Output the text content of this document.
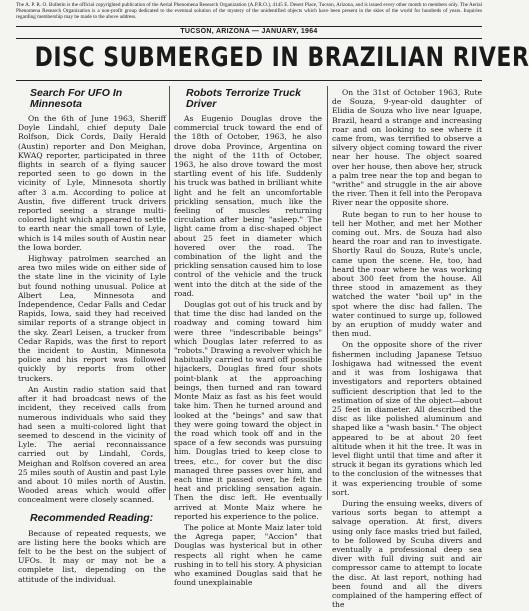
The A. P. R. O. Bulletin is the official copyrighted publication of the Aerial Phenomena Research Organization (A.P.R.O.), 4145 E. Desert Place, Tucson, Arizona, and is issued every other month to members only. The Aerial Phenomena Research Organization is a non-profit group dedicated to the eventual solution of the mystery of the unidentified objects which have been present in the skies of the world for hundreds of years. Inquiries regarding membership may be made to the above address.
TUCSON, ARIZONA — JANUARY, 1964
DISC SUBMERGED IN BRAZILIAN RIVER
Search For UFO In Minnesota

On the 6th of June 1963, Sheriff Doyle Lindahl, chief deputy Dale Rolfson, Dick Cords, Daily Herald (Austin) reporter and Don Meighan, KWAQ reporter, participated in three flights in search of a flying saucer reported seen to go down in the vicinity of Lyle, Minnesota shortly after 3 a.m. According to police at Austin, five different truck drivers reported seeing a strange multi-colored light which appeared to settle to earth near the small town of Lyle, which is 14 miles south of Austin near the Iowa border.

Highway patrolmen searched an area two miles wide on either side of the state line in the vicinity of Lyle but found nothing unusual. Police at Albert Lea, Minnesota and Independence, Cedar Falls and Cedar Rapids, Iowa, said they had received similar reports of a strange object in the sky. Zearl Leisen, a trucker from Cedar Rapids, was the first to report the incident to Austin, Minnesota police and his report was followed quickly by reports from other truckers.

An Austin radio station said that after it had broadcast news of the incident, they received calls from numerous individuals who said they had seen a multi-colored light that seemed to descend in the vicinity of Lyle. The aerial reconnaissance carried out by Lindahl, Cords, Meighan and Rolfson covered an area 25 miles south of Austin and past Lyle and about 10 miles north of Austin. Wooded areas which would offer concealment were closely scanned.

Recommended Reading:

Because of repeated requests, we are listing here the books which are felt to be the best on the subject of UFOs. It may or may not be a complete list, depending on the attitude of the individual.

Robots Terrorize Truck Driver

As Eugenio Douglas drove the commercial truck toward the end of the 18th of October, 1963, he also drove doba Province, Argentina on the night of the 11th of October, 1963, he also drove toward the most startling event of his life. Suddenly his truck was bathed in brilliant white light and he felt an uncomfortable prickling sensation, much like the feeling of muscles returning circulation after being "asleep." The light came from a disc-shaped object about 25 feet in diameter which hovered over the road. The combination of the light and the prickling sensation caused him to lose control of the vehicle and the truck went into the ditch at the side of the road.

Douglas got out of his truck and by that time the disc had landed on the roadway and coming toward him were three "indescribable beings" which Douglas later referred to as "robots." Drawing a revolver which he habitually carried to ward off possible hijackers, Douglas fired four shots point-blank at the approaching beings, then turned and ran toward Monte Maiz as fast as his feet would take him. Then he turned around and looked at the "beings" and saw that they were going toward the object in the road which took off and in the space of a few seconds was pursuing him. Douglas tried to keep close to trees, etc., for cover but the disc managed three passes over him, and each time it passed over, he felt the heat and prickling sensation again. Then the disc left. He eventually arrived at Monte Maiz where he reported his experience to the police.

The police at Monte Maiz later told the Agrega paper, "Accion" that Douglas was hysterical but in other respects all right when he came rushing in to tell his story. A physician who examined Douglas said that he found unexplainable

On the 31st of October 1963, Rute de Souza, 9-year-old daughter of Elidia de Souza who live near Iguape, Brazil, heard a strange and increasing roar and on looking to see where it came from, was terrified to observe a silvery object coming toward the river near her house. The object soared over her house, then above her, struck a palm tree near the top and began to "writhe" and struggle in the air above the river. Then it fell into the Peropava River near the opposite shore.

Rute began to run to her house to tell her Mother, and met her Mother coming out. Mrs. de Souza had also heard the roar and ran to investigate. Shortly Raul do Souza, Rute's uncle, came upon the scene. He, too, had heard the roar where he was working about 300 feet from the house. All three stood in amazement as they watched the water "boil up" in the spot where the disc had fallen. The water continued to surge up, followed by an eruption of muddy water and then mud.

On the opposite shore of the river fishermen including Japanese Tetsuo Ioshigawa had witnessed the event and it was from Ioshigawa that investigators and reporters obtained sufficient description that led to the estimation of size of the object—about 25 feet in diameter. All described the disc as like polished aluminum and shaped like a "wash basin." The object appeared to be at about 20 feet altitude when it hit the tree. It was in level flight until that time and after it struck it began its gyrations which led to the conclusion of the witnesses that it was experiencing trouble of some sort.

During the ensuing weeks, divers of various sorts began to attempt a salvage operation. At first, divers using only face masks tried but failed, to be followed by Scuba divers and eventually a professional deep sea diver with full diving suit and air compressor came to attempt to locate the disc. At last report, nothing had been found and all the divers complained of the hampering effect of the
